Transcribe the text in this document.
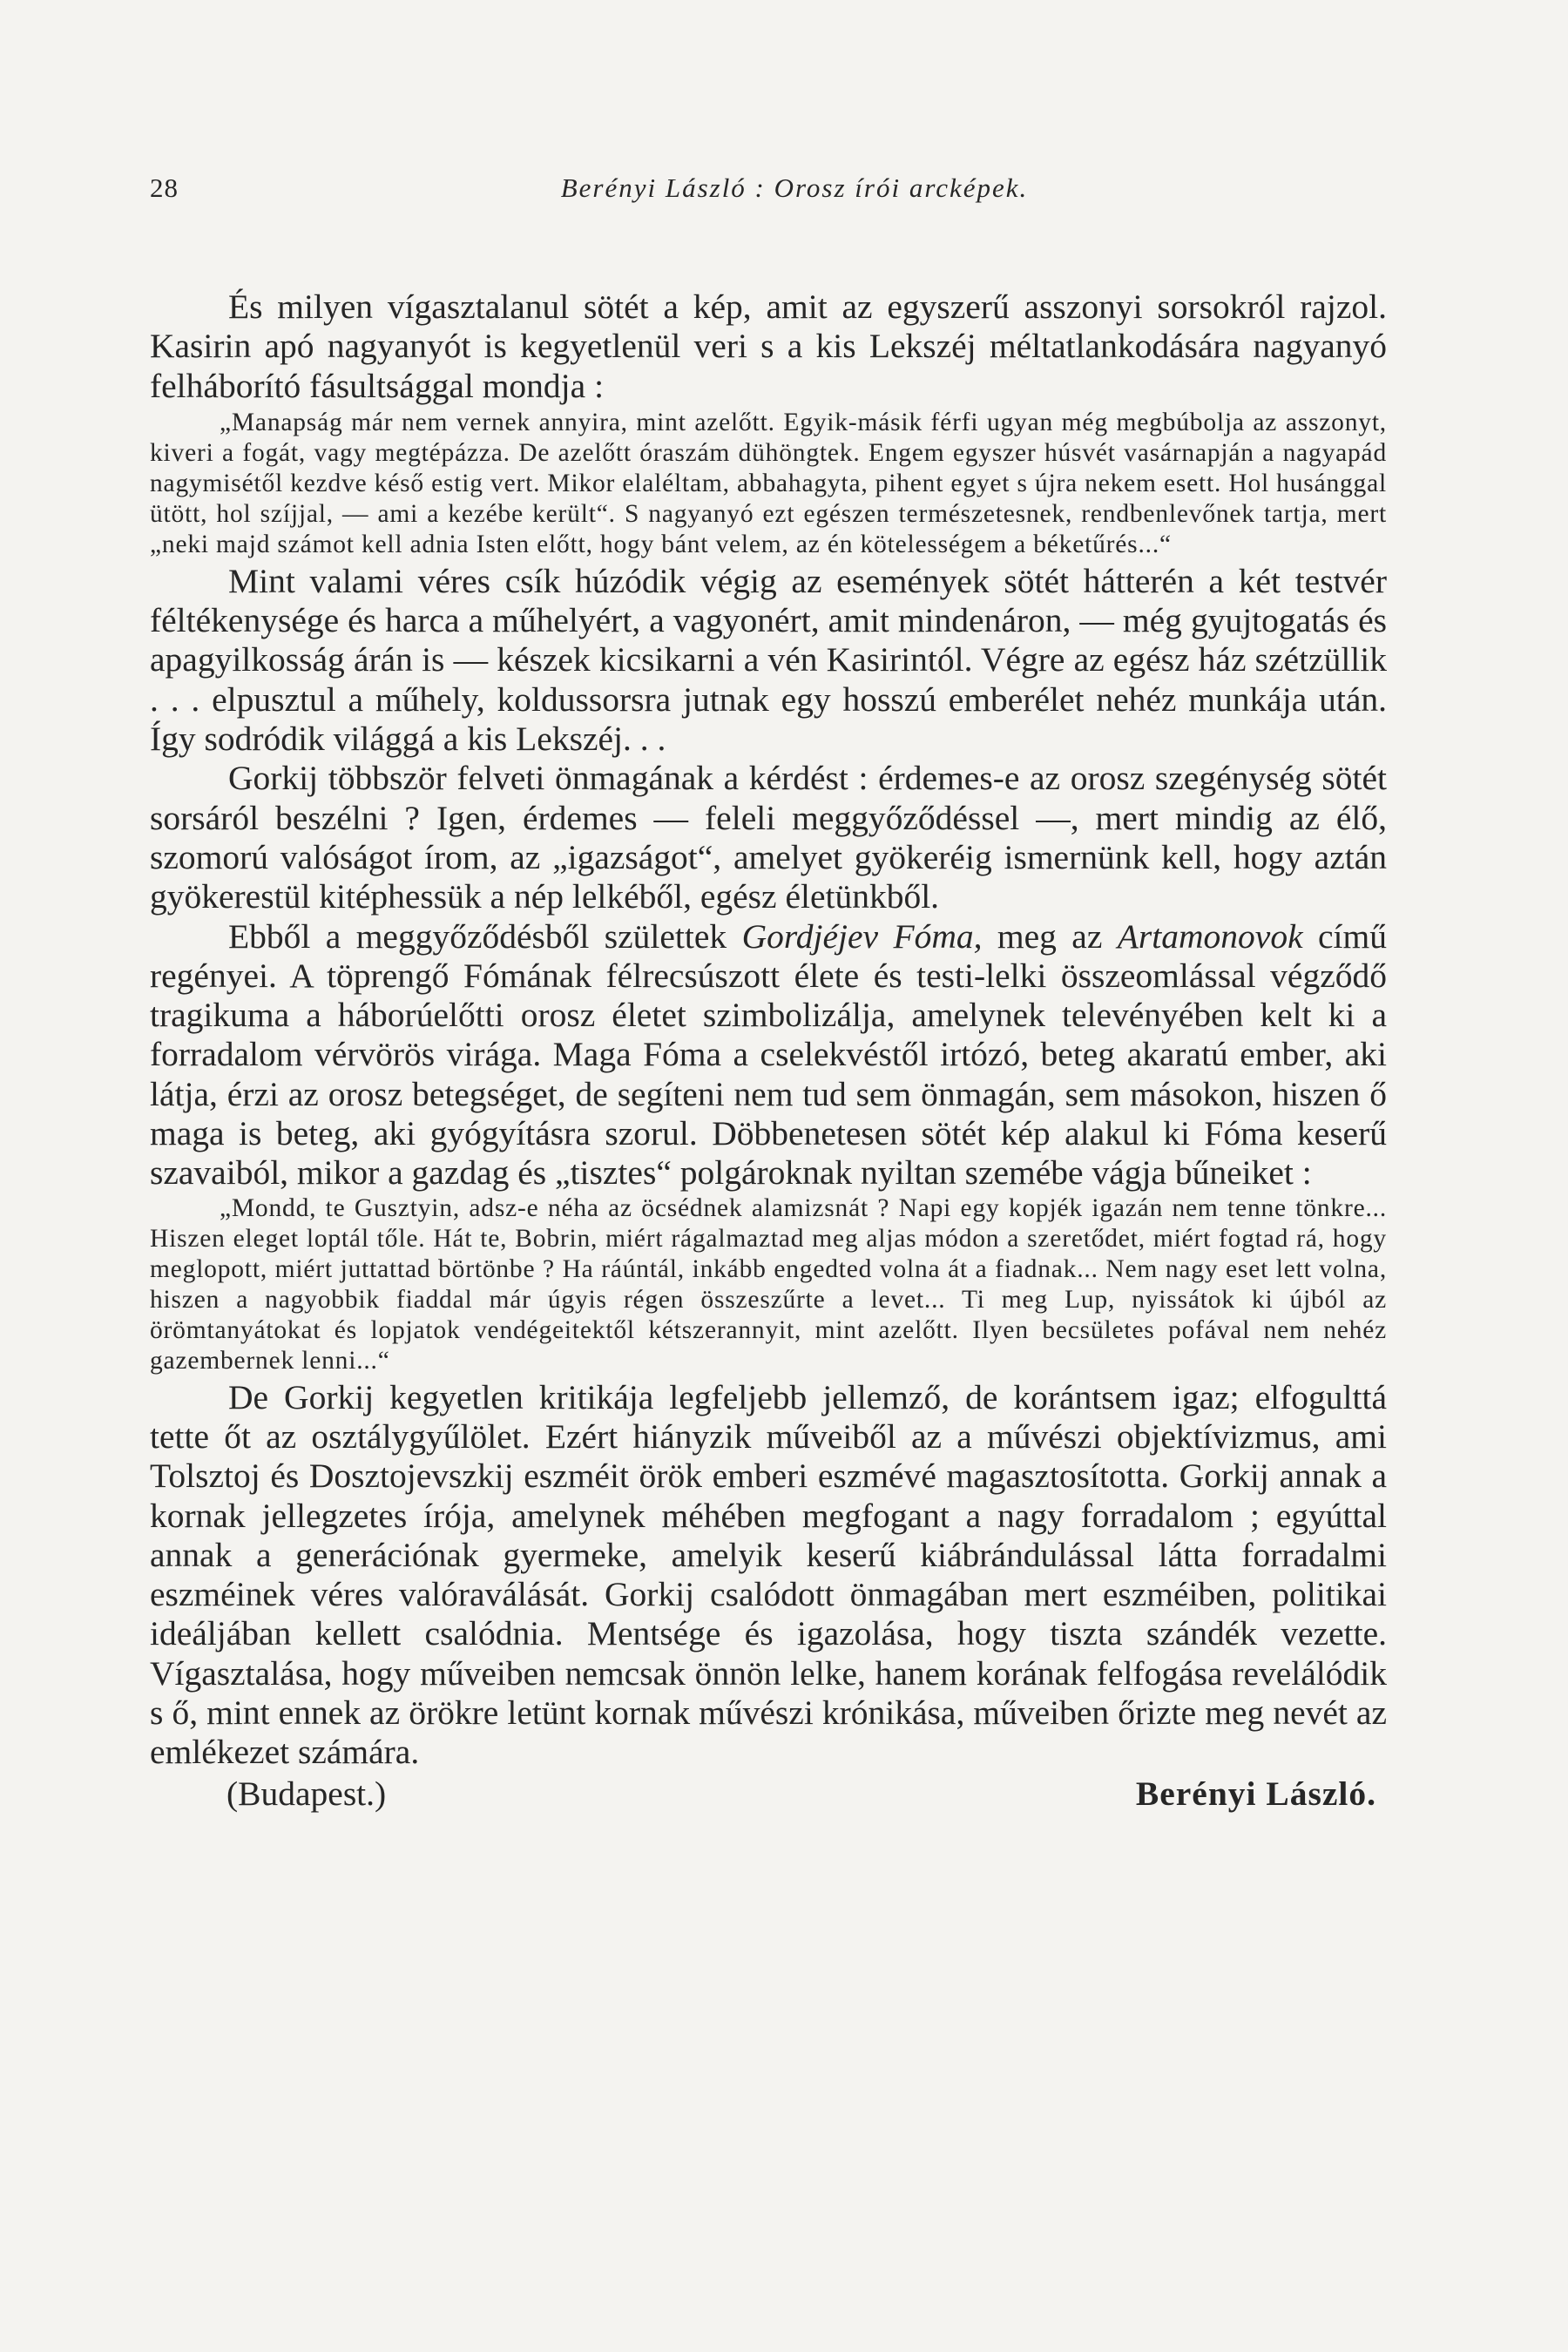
28	Berényi László : Orosz írói arcképek.

És milyen vígasztalanul sötét a kép, amit az egyszerű asszonyi sorsokról rajzol. Kasirin apó nagyanyót is kegyetlenül veri s a kis Lekszéj méltatlankodására nagyanyó felháborító fásultsággal mondja :

„Manapság már nem vernek annyira, mint azelőtt. Egyik-másik férfi ugyan még megbúbolja az asszonyt, kiveri a fogát, vagy megtépázza. De azelőtt óraszám dühöngtek. Engem egyszer húsvét vasárnapján a nagyapád nagymisétől kezdve késő estig vert. Mikor elaléltam, abbahagyta, pihent egyet s újra nekem esett. Hol husánggal ütött, hol szíjjal, — ami a kezébe került“. S nagyanyó ezt egészen természetesnek, rendbenlevőnek tartja, mert „neki majd számot kell adnia Isten előtt, hogy bánt velem, az én kötelességem a béketűrés...“

Mint valami véres csík húzódik végig az események sötét hátterén a két testvér féltékenysége és harca a műhelyért, a vagyonért, amit mindenáron, — még gyujtogatás és apagyilkosság árán is — készek kicsikarni a vén Kasirintól. Végre az egész ház szétzüllik . . . elpusztul a műhely, koldussorsra jutnak egy hosszú emberélet nehéz munkája után. Így sodródik világgá a kis Lekszéj. . .

Gorkij többször felveti önmagának a kérdést : érdemes-e az orosz szegénység sötét sorsáról beszélni ? Igen, érdemes — feleli meggyőződéssel —, mert mindig az élő, szomorú valóságot írom, az „igazságot“, amelyet gyökeréig ismernünk kell, hogy aztán gyökerestül kitéphessük a nép lelkéből, egész életünkből.

Ebből a meggyőződésből születtek Gordjéjev Fóma, meg az Artamonovok című regényei. A töprengő Fómának félrecsúszott élete és testi-lelki összeomlással végződő tragikuma a háborúelőtti orosz életet szimbolizálja, amelynek televényében kelt ki a forradalom vérvörös virága. Maga Fóma a cselekvéstől irtózó, beteg akaratú ember, aki látja, érzi az orosz betegséget, de segíteni nem tud sem önmagán, sem másokon, hiszen ő maga is beteg, aki gyógyításra szorul. Döbbenetesen sötét kép alakul ki Fóma keserű szavaiból, mikor a gazdag és „tisztes“ polgároknak nyiltan szemébe vágja bűneiket :

„Mondd, te Gusztyin, adsz-e néha az öcsédnek alamizsnát ? Napi egy kopjék igazán nem tenne tönkre... Hiszen eleget loptál tőle. Hát te, Bobrin, miért rágalmaztad meg aljas módon a szeretődet, miért fogtad rá, hogy meglopott, miért juttattad börtönbe ? Ha ráúntál, inkább engedted volna át a fiadnak... Nem nagy eset lett volna, hiszen a nagyobbik fiaddal már úgyis régen összeszűrte a levet... Ti meg Lup, nyissátok ki újból az örömtanyátokat és lopjatok vendégeitektől kétszerannyit, mint azelőtt. Ilyen becsületes pofával nem nehéz gazembernek lenni...“

De Gorkij kegyetlen kritikája legfeljebb jellemző, de korántsem igaz; elfogulttá tette őt az osztálygyűlölet. Ezért hiányzik műveiből az a művészi objektívizmus, ami Tolsztoj és Dosztojevszkij eszméit örök emberi eszmévé magasztosította. Gorkij annak a kornak jellegzetes írója, amelynek méhében megfogant a nagy forradalom ; egyúttal annak a generációnak gyermeke, amelyik keserű kiábrándulással látta forradalmi eszméinek véres valóraválását. Gorkij csalódott önmagában mert eszméiben, politikai ideáljában kellett csalódnia. Mentsége és igazolása, hogy tiszta szándék vezette. Vígasztalása, hogy műveiben nemcsak önnön lelke, hanem korának felfogása revelálódik s ő, mint ennek az örökre letünt kornak művészi krónikása, műveiben őrizte meg nevét az emlékezet számára.

(Budapest.)	Berényi László.
